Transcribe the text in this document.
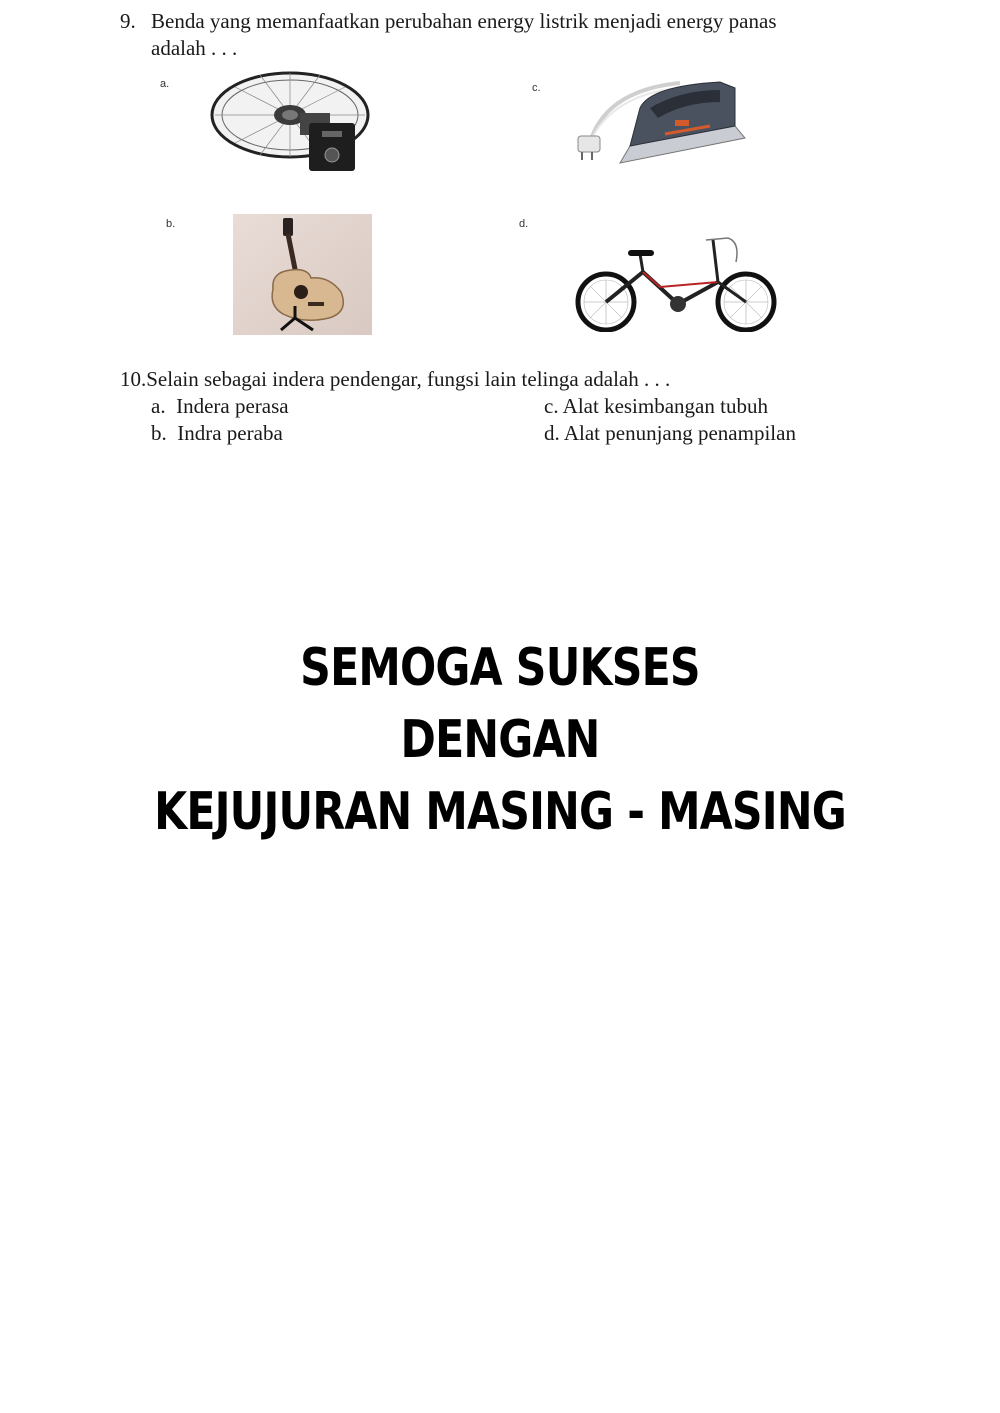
9. Benda yang memanfaatkan perubahan energy listrik menjadi energy panas
adalah . . .
a.	c.
b.	d.
10.Selain sebagai indera pendengar, fungsi lain telinga adalah . . .
a. Indera perasa
b. Indra peraba
c. Alat kesimbangan tubuh
d. Alat penunjang penampilan
SEMOGA SUKSES
DENGAN
KEJUJURAN MASING - MASING
